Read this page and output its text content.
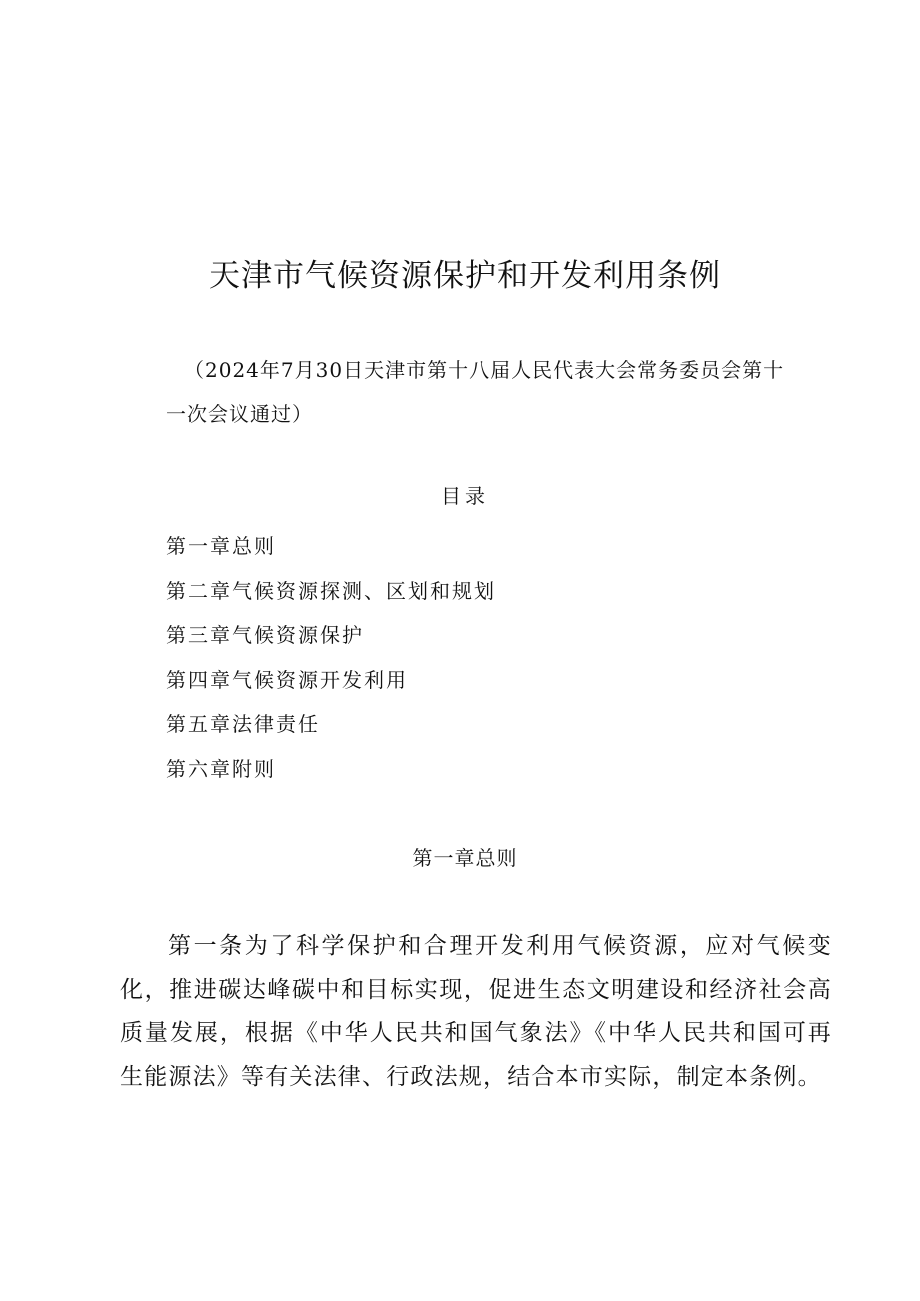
天津市气候资源保护和开发利用条例
（2024年7月30日天津市第十八届人民代表大会常务委员会第十
一次会议通过）
目录
第一章总则
第二章气候资源探测、区划和规划
第三章气候资源保护
第四章气候资源开发利用
第五章法律责任
第六章附则
第一章总则

第一条为了科学保护和合理开发利用气候资源，应对气候变化，推进碳达峰碳中和目标实现，促进生态文明建设和经济社会高质量发展，根据《中华人民共和国气象法》《中华人民共和国可再生能源法》等有关法律、行政法规，结合本市实际，制定本条例。
